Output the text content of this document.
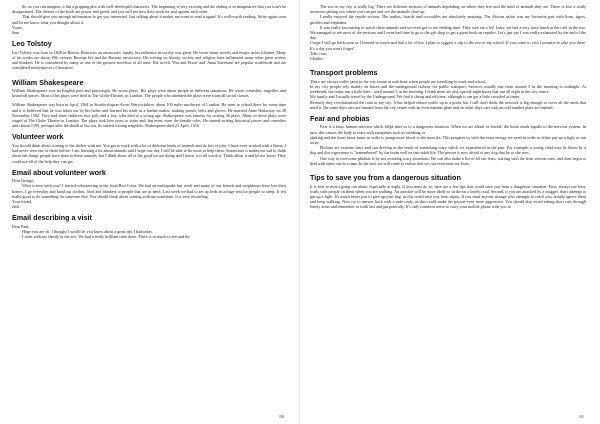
So, as you can imagine, it has a gripping plot with well-developed characters. The beginning is very exciting and the ending is so imaginative that you won't be disappointed. The themes of the book are power and greed, and you will see how they work for and against each other.

That should give you enough information to get you interested. Just talking about it makes me want to read it again! It's well-worth reading. Write again soon and let me know what you thought about it.

Yours,

Sam

Leo Tolstoy

Leo Tolstoy was born in 1828 in Russia. Born into an aristocratic family, his influence in society was great. He wrote many novels and essays in his lifetime. Many of his works are about 19th century Russian life and the Russian aristocracy. His writing on history, society and religion have influenced many other great writers and thinkers. He is considered by many as one of the greatest novelists of all time. His novels 'War and Peace' and 'Anna Karenina' are popular worldwide and are considered masterpieces of literature.

William Shakespeare

William Shakespeare was an English poet and playwright. He wrote plays. His plays were about people in different situations. He wrote comedies, tragedies and historical pieces. Most of his plays were held in The Globe Theatre, in London. The people who attended the plays were from all social classes.

William Shakespeare was born in April, 1564 in Stratford-upon-Avon, Warwickshire, about 100 miles northwest of London. He went to school there for some time and it is believed that he was taken out by his father and learned his trade as a leather maker, making purses, belts and gloves. He married Anne Hathaway on 28 November 1582. They had three children, two girls and a boy, who died at a young age. Shakespeare was famous for writing 36 plays. Many of these plays were staged at The Globe Theatre in London. The plays took him years to write and, but even, even the female roles. He started writing historical pieces and comedies until about 1599, perhaps after the death of his son, he started writing tragedies. Shakespeare died 23 April, 1616.

Volunteer work

You should think about coming to the shelter with me. You get to work with a lot of different kinds of animals and do lots of jobs. I have even worked with a llama; I had never seen one of those before. I am learning a lot about animals and I hope one day I will be able to do more to help them. Sometimes it makes me sad to think about the things people have done to these animals, but I think about all of the good we are doing and I know it is all worth it. Think about it and let me know. They could use all of the help they can get.

Email about volunteer work

Dear George,

What is new with you? I started volunteering at the local Red Cross. We had an earthquake last week and many of our friends and neighbours have lost their homes. I go everyday and hand out clothes, food and blankets to people that are in need. Last week we had to set up beds in a huge tent for people to sleep. It felt really good to do something for someone else. You should think about coming with me sometime. It is very rewarding.

Your friend,

Jack

Email describing a visit

Dear Paul,

Hope you are ok. I thought I would let you know about a great day I had today.

I went with my family to the zoo. We had a really brilliant time there. There is so much to see and do.

80

The zoo in my city is really big. There are different sections of animals depending on where they live and the kind of animals they are. There is also a really awesome petting zoo where you can pet and see the animals close up.

I really enjoyed the reptile section. The snakes, lizards and crocodiles are absolutely amazing. The African safari was my favourite part with lions, tigers, giraffes and elephants.

It was really fascinating to watch these animals and we even got to see feeding time. They sure eat a lot! Later, we had a very tasty lunch at the café in the zoo. We managed to see most of the sections and I even had time to go to the gift shop to get a great book on reptiles. Let's just say I was really exhausted by the end of the day.

I hope I will go back soon as I learned so much and had a lot of fun. I plan to suggest a trip to the zoo to my school. If you come to visit I promise to take you there. It's a day you won't forget!

Take care,

Charles

Transport problems

There are always traffic jams in the city centre at rush hour when people are travelling to work and school.

In my city people rely mainly on buses and the underground railway for public transport. Services usually run from around 5 in the morning to midnight. At weekends, the trains run a little later – until around 3 in the morning. I think there are also special night buses that run all night in the city centre.

My family and I usually travel by the Underground. We find it cheap and efficient, although it can get a little crowded at times.

Recently they revolutionised the train in my city. It has helped reduce traffic up to a point, but I still don't think the network is big enough to cover all the areas that need it. On some days cars are banned from the city centre with an even number plate and on other days cars with an odd number plate are banned.

Fear and phobias

Fear is a basic human emotion which helps alert us to a dangerous situation. When we are afraid or fearful, the brain sends signals to the nervous system. In turn, this causes the body to react with symptoms such as sweating or

shaking and the heart beats faster in order to pump more blood to the muscles. This prepares us with the extra energy we need in order to either put up a fight or run away.

Phobias are extreme fears and can develop as the result of something scary which we experienced in the past. For example, a young child may be bitten by a dog and this experience is "remembered" by the brain well on into adult life. The person is now afraid of any dog that he or she sees.

One way to overcome phobias is by not avoiding scary situations. We can also make a list of all our fears, starting with the least serious ones, and then begin to deal with them one at a time. In the end, we will come to realise that we can overcome our fears.

Tips to save you from a dangerous situation

It is best to avoid going out alone, especially at night. If you must do so, here are a few tips that could save you from a dangerous situation. First, always use busy roads with people on them when you are walking. An attacker will be more likely to strike on a lonely road. Second, if you are attacked by a mugger, don't attempt to put up a fight. It's much better just to give up your bag, as this could save you from injury. If you must anyone strange who attempts to reach you, simply ignore them and keep walking. Now try to answer back with a rude reply, as this could make the person even more aggressive. You should also avoid taking short cuts through lonely areas and remember to walk fast and purposefully. It's only common sense to carry your mobile phone with you in

81
